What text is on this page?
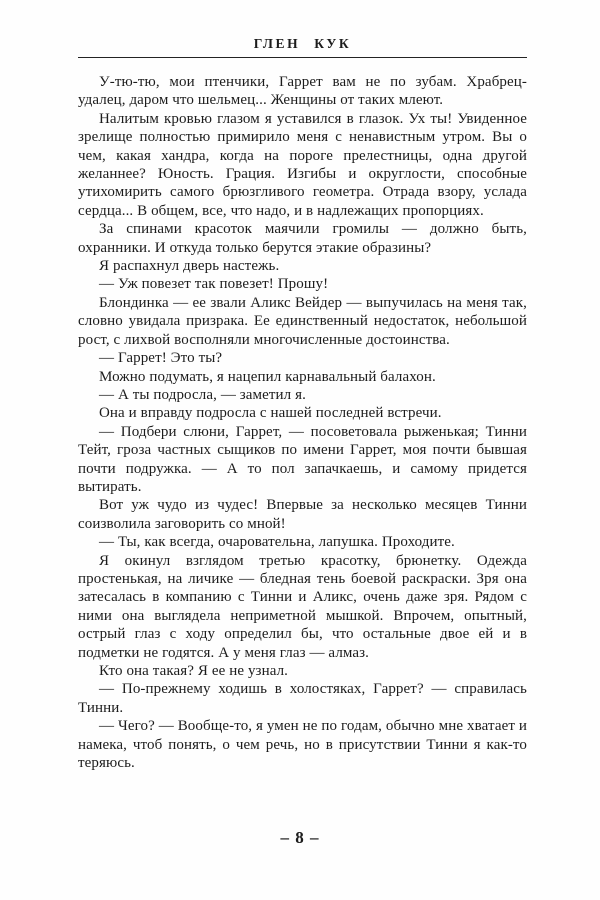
ГЛЕН КУК

У-тю-тю, мои птенчики, Гаррет вам не по зубам. Храбрец-удалец, даром что шельмец... Женщины от таких млеют.

Налитым кровью глазом я уставился в глазок. Ух ты! Увиденное зрелище полностью примирило меня с ненавистным утром. Вы о чем, какая хандра, когда на пороге прелестницы, одна другой желаннее? Юность. Грация. Изгибы и округлости, способные утихомирить самого брюзгливого геометра. Отрада взору, услада сердца... В общем, все, что надо, и в надлежащих пропорциях.

За спинами красоток маячили громилы — должно быть, охранники. И откуда только берутся этакие образины?

Я распахнул дверь настежь.

— Уж повезет так повезет! Прошу!

Блондинка — ее звали Аликс Вейдер — выпучилась на меня так, словно увидала призрака. Ее единственный недостаток, небольшой рост, с лихвой восполняли многочисленные достоинства.

— Гаррет! Это ты?

Можно подумать, я нацепил карнавальный балахон.

— А ты подросла, — заметил я.

Она и вправду подросла с нашей последней встречи.

— Подбери слюни, Гаррет, — посоветовала рыженькая; Тинни Тейт, гроза частных сыщиков по имени Гаррет, моя почти бывшая почти подружка. — А то пол запачкаешь, и самому придется вытирать.

Вот уж чудо из чудес! Впервые за несколько месяцев Тинни соизволила заговорить со мной!

— Ты, как всегда, очаровательна, лапушка. Проходите.

Я окинул взглядом третью красотку, брюнетку. Одежда простенькая, на личике — бледная тень боевой раскраски. Зря она затесалась в компанию с Тинни и Аликс, очень даже зря. Рядом с ними она выглядела неприметной мышкой. Впрочем, опытный, острый глаз с ходу определил бы, что остальные двое ей и в подметки не годятся. А у меня глаз — алмаз.

Кто она такая? Я ее не узнал.

— По-прежнему ходишь в холостяках, Гаррет? — справилась Тинни.

— Чего? — Вообще-то, я умен не по годам, обычно мне хватает и намека, чтоб понять, о чем речь, но в присутствии Тинни я как-то теряюсь.

– 8 –
